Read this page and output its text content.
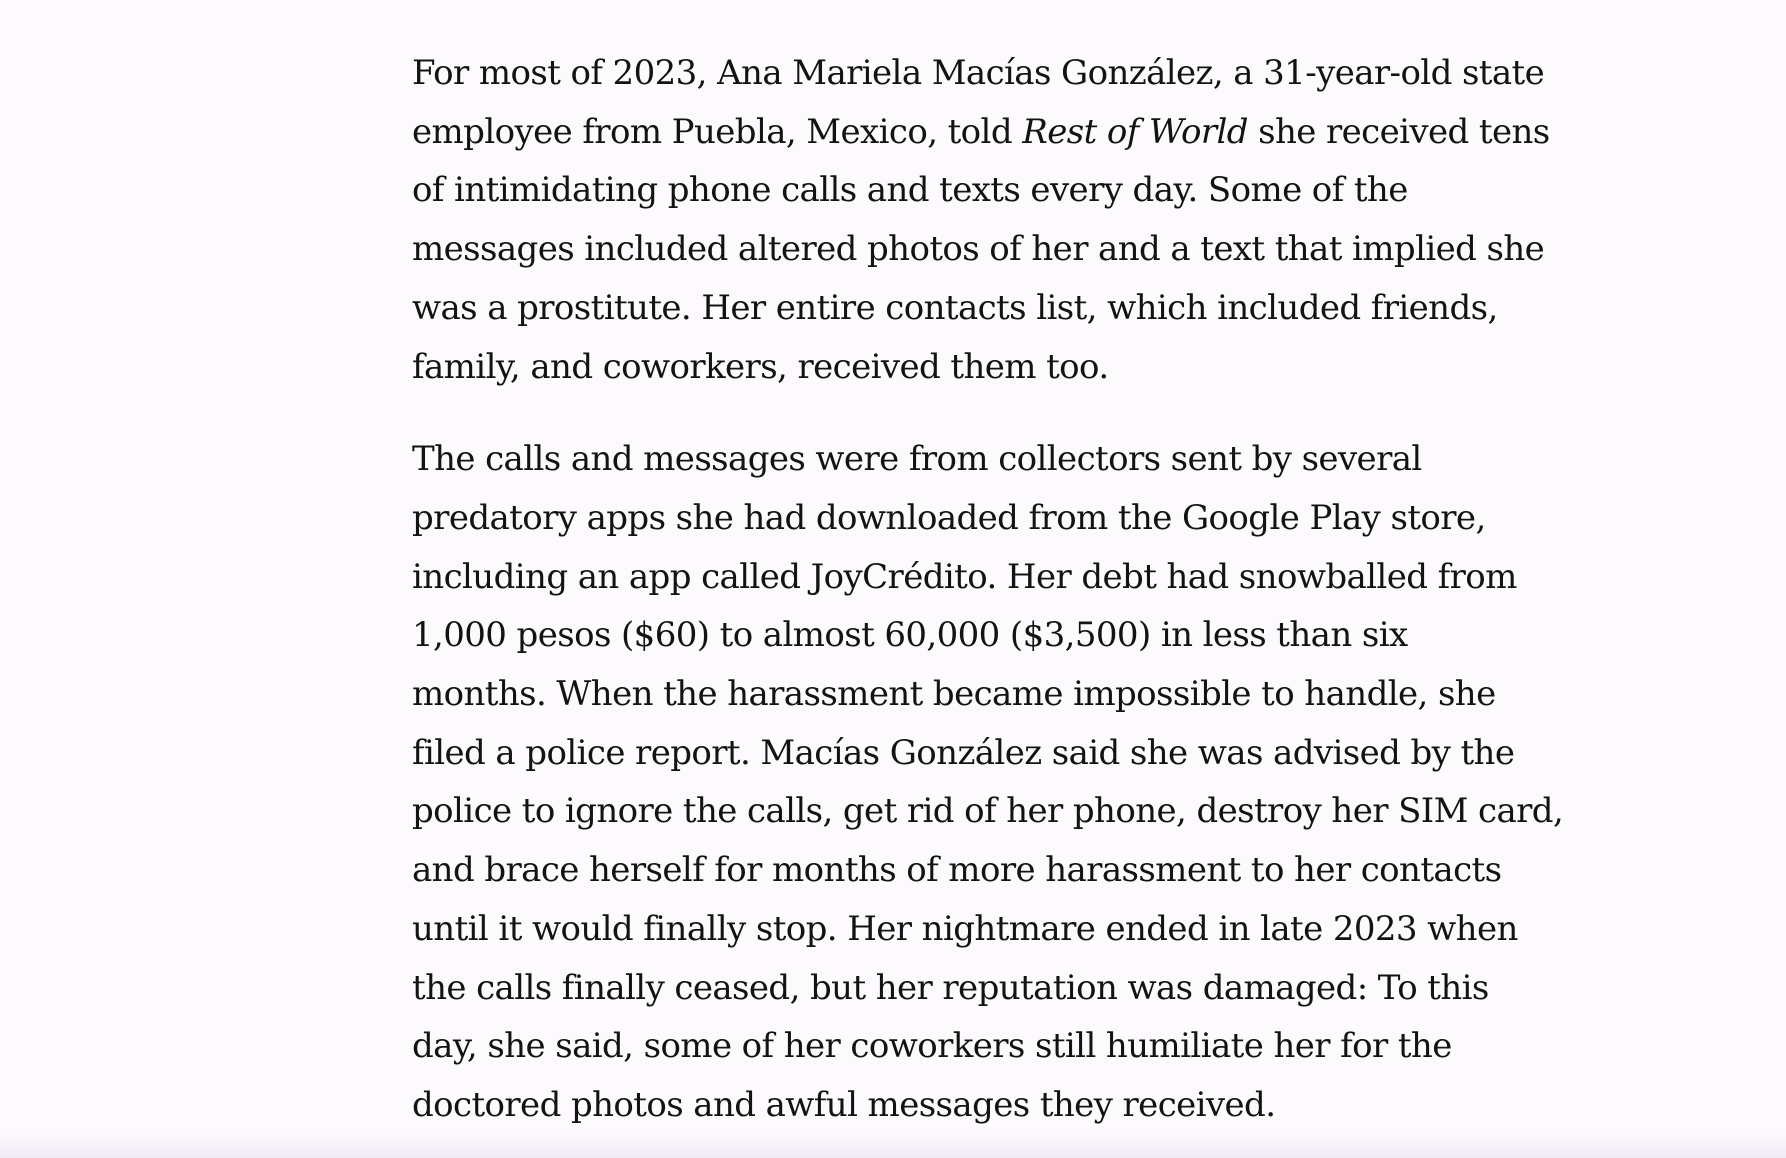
For most of 2023, Ana Mariela Macías González, a 31-year-old state
employee from Puebla, Mexico, told Rest of World she received tens
of intimidating phone calls and texts every day. Some of the
messages included altered photos of her and a text that implied she
was a prostitute. Her entire contacts list, which included friends,
family, and coworkers, received them too.

The calls and messages were from collectors sent by several
predatory apps she had downloaded from the Google Play store,
including an app called JoyCrédito. Her debt had snowballed from
1,000 pesos ($60) to almost 60,000 ($3,500) in less than six
months. When the harassment became impossible to handle, she
filed a police report. Macías González said she was advised by the
police to ignore the calls, get rid of her phone, destroy her SIM card,
and brace herself for months of more harassment to her contacts
until it would finally stop. Her nightmare ended in late 2023 when
the calls finally ceased, but her reputation was damaged: To this
day, she said, some of her coworkers still humiliate her for the
doctored photos and awful messages they received.
